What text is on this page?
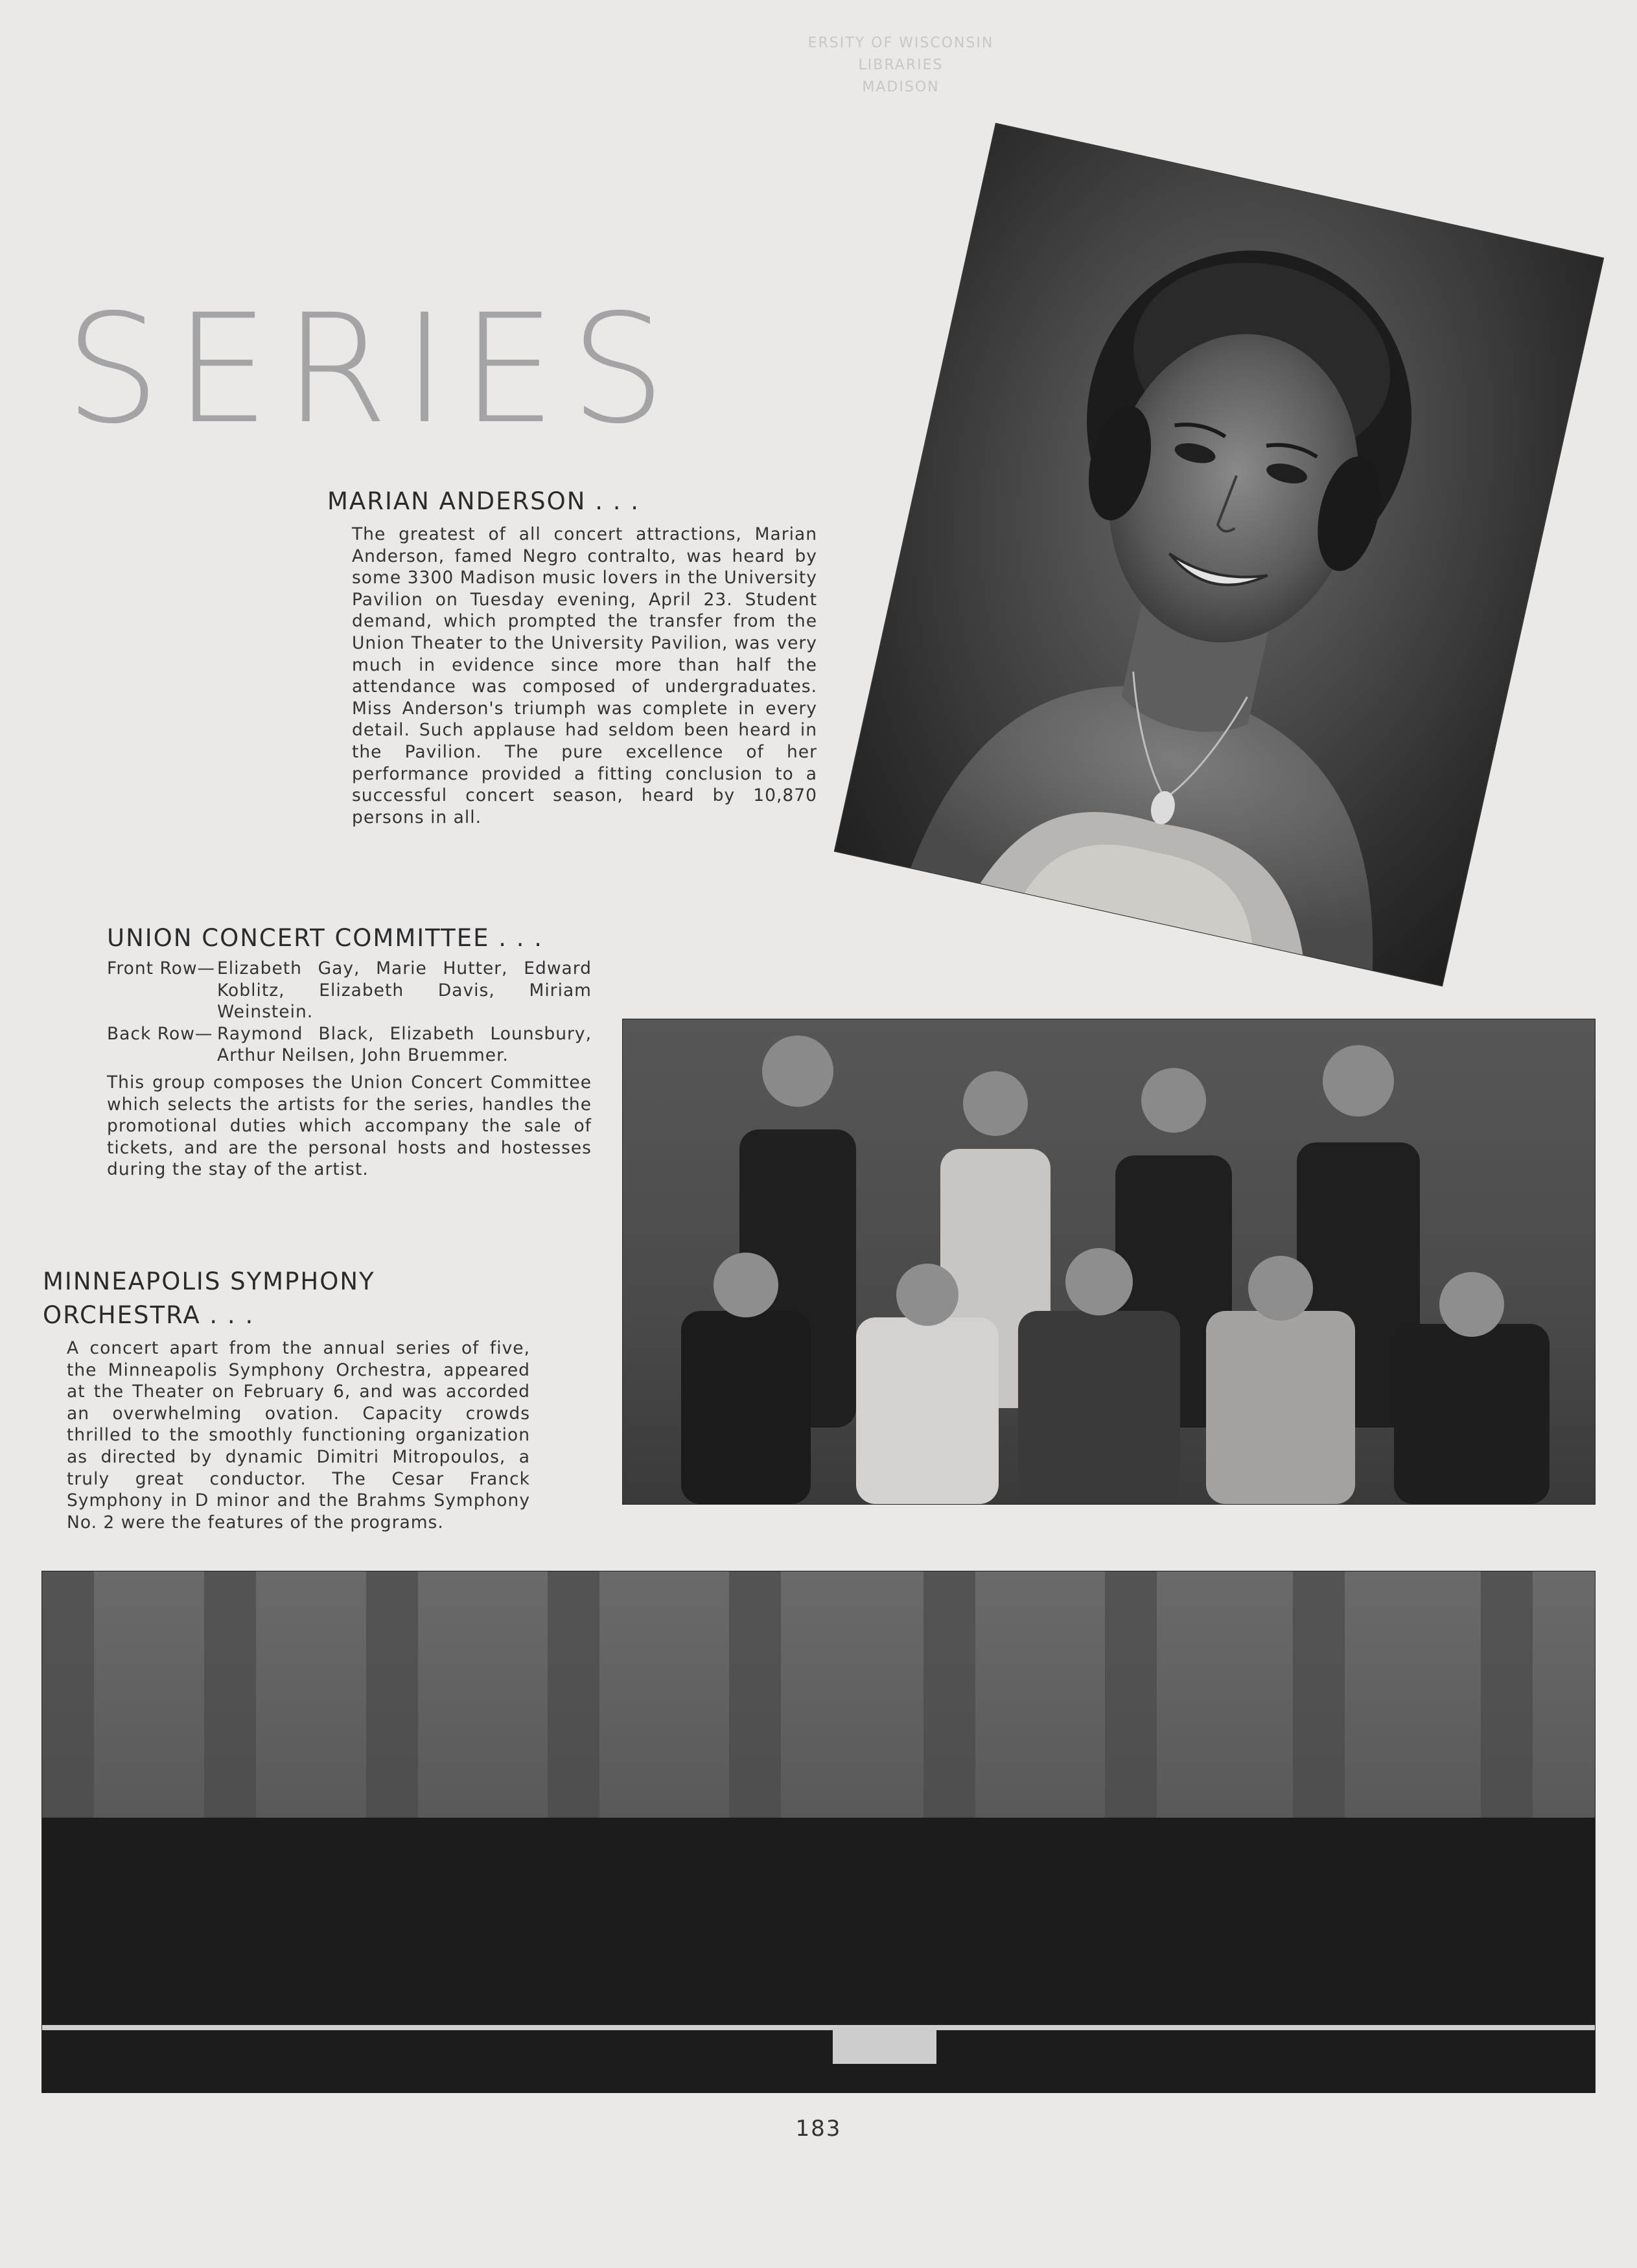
ERSITY OF WISCONSIN
LIBRARIES
MADISON
SERIES
MARIAN ANDERSON . . .
The greatest of all concert attractions, Marian Anderson, famed Negro contralto, was heard by some 3300 Madison music lovers in the University Pavilion on Tuesday evening, April 23. Student demand, which prompted the transfer from the Union Theater to the University Pavilion, was very much in evidence since more than half the attendance was composed of undergraduates. Miss Anderson's triumph was complete in every detail. Such applause had seldom been heard in the Pavilion. The pure excellence of her performance provided a fitting conclusion to a successful concert season, heard by 10,870 persons in all.
UNION CONCERT COMMITTEE . . .
Front Row— Elizabeth Gay, Marie Hutter, Edward Koblitz, Elizabeth Davis, Miriam Weinstein.
Back Row— Raymond Black, Elizabeth Lounsbury, Arthur Neilsen, John Bruemmer.
This group composes the Union Concert Committee which selects the artists for the series, handles the promotional duties which accompany the sale of tickets, and are the personal hosts and hostesses during the stay of the artist.
MINNEAPOLIS SYMPHONY
ORCHESTRA . . .
A concert apart from the annual series of five, the Minneapolis Symphony Orchestra, appeared at the Theater on February 6, and was accorded an overwhelming ovation. Capacity crowds thrilled to the smoothly functioning organization as directed by dynamic Dimitri Mitropoulos, a truly great conductor. The Cesar Franck Symphony in D minor and the Brahms Symphony No. 2 were the features of the programs.
183
